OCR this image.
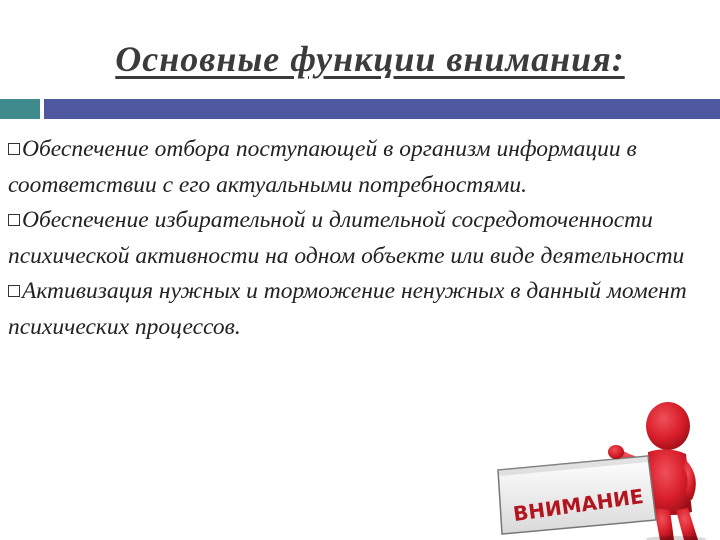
Основные функции внимания:
Обеспечение отбора поступающей в организм информации в соответствии с его актуальными потребностями.
Обеспечение избирательной и длительной сосредоточенности психической активности на одном объекте или виде деятельности
Активизация нужных и торможение ненужных в данный момент психических процессов.
ВНИМАНИЕ
